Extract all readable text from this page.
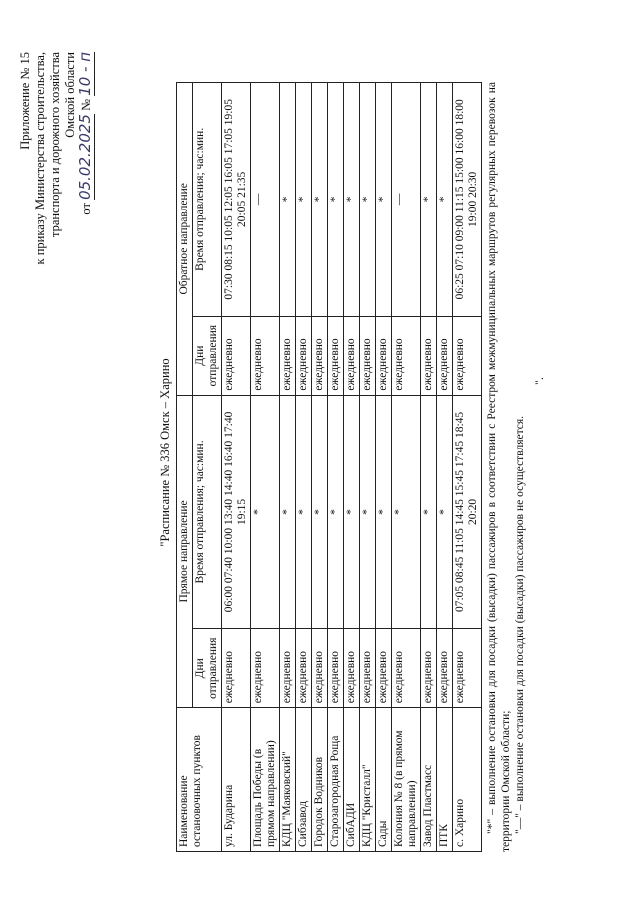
Приложение № 15 к приказу Министерства строительства, транспорта и дорожного хозяйства Омской области
от 05.02.2025 № 10 - п
"Расписание № 336 Омск – Харино
Наименование остановочных пунктов	Прямое направление		Обратное направление	
	Дни отправления	Время отправления; час:мин.	Дни отправления	Время отправления; час:мин.
ул. Бударина	ежедневно	06:00 07:40 10:00 13:40 14:40 16:40 17:40 19:15	ежедневно	07:30 08:15 10:05 12:05 16:05 17:05 19:05 20:05 21:35
Площадь Победы (в прямом направлении)	ежедневно	*	ежедневно	—
КДЦ "Маяковский"	ежедневно	*	ежедневно	*
Сибзавод	ежедневно	*	ежедневно	*
Городок Водников	ежедневно	*	ежедневно	*
Старозагородная Роща	ежедневно	*	ежедневно	*
СибАДИ	ежедневно	*	ежедневно	*
КДЦ "Кристалл"	ежедневно	*	ежедневно	*
Сады	ежедневно	*	ежедневно	*
Колония № 8 (в прямом направлении)	ежедневно	*	ежедневно	—
Завод Пластмасс	ежедневно	*	ежедневно	*
ПТК	ежедневно	*	ежедневно	*
с. Харино	ежедневно	07:05 08:45 11:05 14:45 15:45 17:45 18:45 20:20	ежедневно	06:25 07:10 09:00 11:15 15:00 16:00 18:00 19:00 20:30 "*" – выполнение остановки для посадки (высадки) пассажиров в соответствии с Реестром межмуниципальных маршрутов регулярных перевозок на территории Омской области; "—" – выполнение остановки для посадки (высадки) пассажиров не осуществляется.

".
